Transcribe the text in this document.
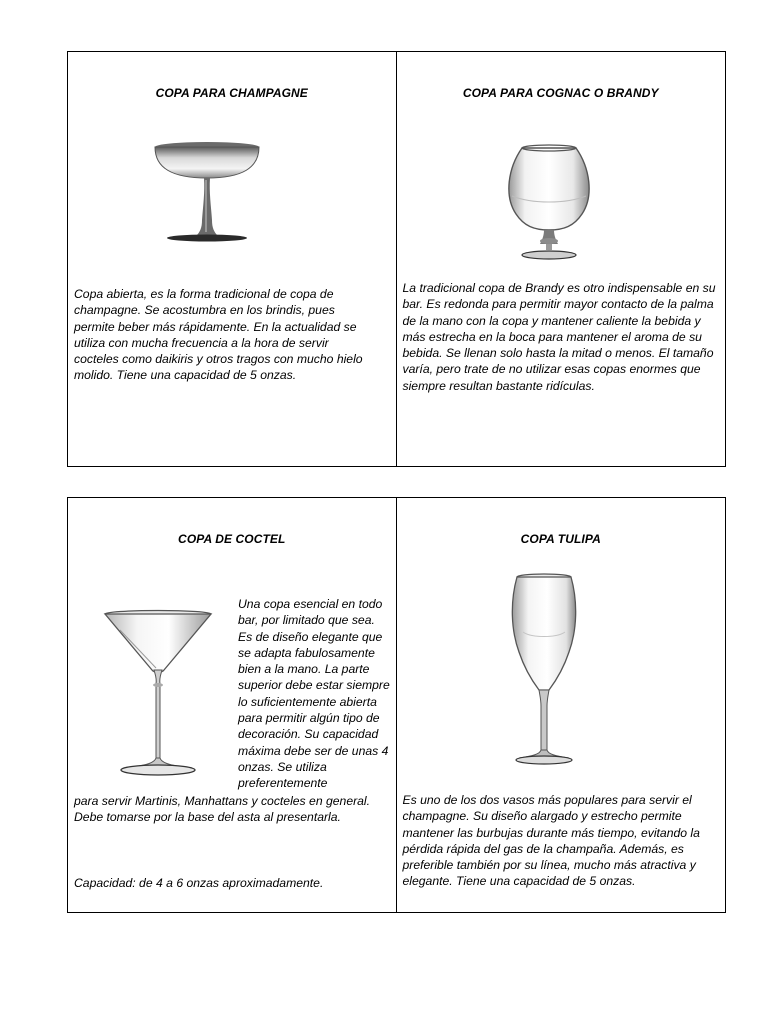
COPA PARA CHAMPAGNE

Copa abierta, es la forma tradicional de copa de champagne. Se acostumbra en los brindis, pues permite beber más rápidamente. En la actualidad se utiliza con mucha frecuencia a la hora de servir cocteles como daikiris y otros tragos con mucho hielo molido. Tiene una capacidad de 5 onzas.

COPA PARA COGNAC O BRANDY

La tradicional copa de Brandy es otro indispensable en su bar. Es redonda para permitir mayor contacto de la palma de la mano con la copa y mantener caliente la bebida y más estrecha en la boca para mantener el aroma de su bebida. Se llenan solo hasta la mitad o menos. El tamaño varía, pero trate de no utilizar esas copas enormes que siempre resultan bastante ridículas.

COPA DE COCTEL

Una copa esencial en todo bar, por limitado que sea. Es de diseño elegante que se adapta fabulosamente bien a la mano. La parte superior debe estar siempre lo suficientemente abierta para permitir algún tipo de decoración. Su capacidad máxima debe ser de unas 4 onzas. Se utiliza preferentemente

para servir Martinis, Manhattans y cocteles en general. Debe tomarse por la base del asta al presentarla.

Capacidad: de 4 a 6 onzas aproximadamente.

COPA TULIPA

Es uno de los dos vasos más populares para servir el champagne. Su diseño alargado y estrecho permite mantener las burbujas durante más tiempo, evitando la pérdida rápida del gas de la champaña. Además, es preferible también por su línea, mucho más atractiva y elegante. Tiene una capacidad de 5 onzas.
